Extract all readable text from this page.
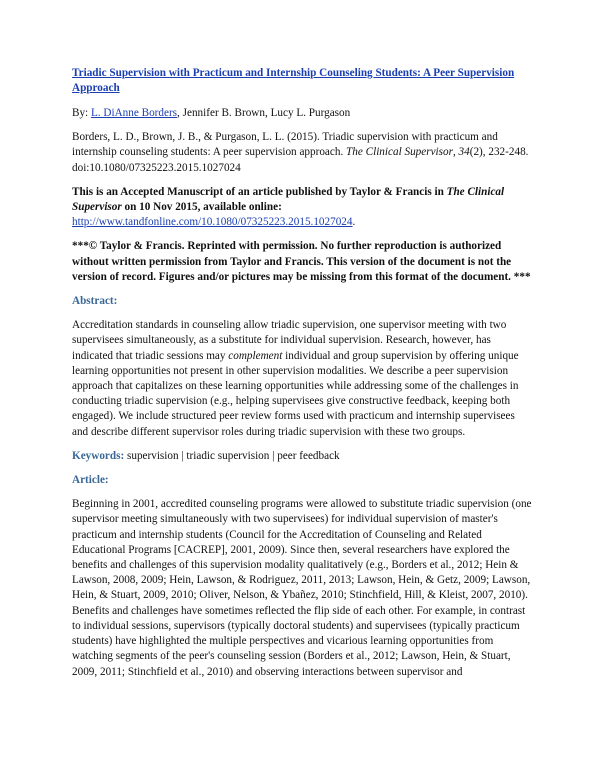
Triadic Supervision with Practicum and Internship Counseling Students: A Peer Supervision Approach
By: L. DiAnne Borders, Jennifer B. Brown, Lucy L. Purgason
Borders, L. D., Brown, J. B., & Purgason, L. L. (2015). Triadic supervision with practicum and internship counseling students: A peer supervision approach. The Clinical Supervisor, 34(2), 232-248. doi:10.1080/07325223.2015.1027024
This is an Accepted Manuscript of an article published by Taylor & Francis in The Clinical Supervisor on 10 Nov 2015, available online:
http://www.tandfonline.com/10.1080/07325223.2015.1027024.
***© Taylor & Francis. Reprinted with permission. No further reproduction is authorized without written permission from Taylor and Francis. This version of the document is not the version of record. Figures and/or pictures may be missing from this format of the document. ***
Abstract:
Accreditation standards in counseling allow triadic supervision, one supervisor meeting with two supervisees simultaneously, as a substitute for individual supervision. Research, however, has indicated that triadic sessions may complement individual and group supervision by offering unique learning opportunities not present in other supervision modalities. We describe a peer supervision approach that capitalizes on these learning opportunities while addressing some of the challenges in conducting triadic supervision (e.g., helping supervisees give constructive feedback, keeping both engaged). We include structured peer review forms used with practicum and internship supervisees and describe different supervisor roles during triadic supervision with these two groups.
Keywords: supervision | triadic supervision | peer feedback
Article:
Beginning in 2001, accredited counseling programs were allowed to substitute triadic supervision (one supervisor meeting simultaneously with two supervisees) for individual supervision of master's practicum and internship students (Council for the Accreditation of Counseling and Related Educational Programs [CACREP], 2001, 2009). Since then, several researchers have explored the benefits and challenges of this supervision modality qualitatively (e.g., Borders et al., 2012; Hein & Lawson, 2008, 2009; Hein, Lawson, & Rodriguez, 2011, 2013; Lawson, Hein, & Getz, 2009; Lawson, Hein, & Stuart, 2009, 2010; Oliver, Nelson, & Ybañez, 2010; Stinchfield, Hill, & Kleist, 2007, 2010). Benefits and challenges have sometimes reflected the flip side of each other. For example, in contrast to individual sessions, supervisors (typically doctoral students) and supervisees (typically practicum students) have highlighted the multiple perspectives and vicarious learning opportunities from watching segments of the peer's counseling session (Borders et al., 2012; Lawson, Hein, & Stuart, 2009, 2011; Stinchfield et al., 2010) and observing interactions between supervisor and
